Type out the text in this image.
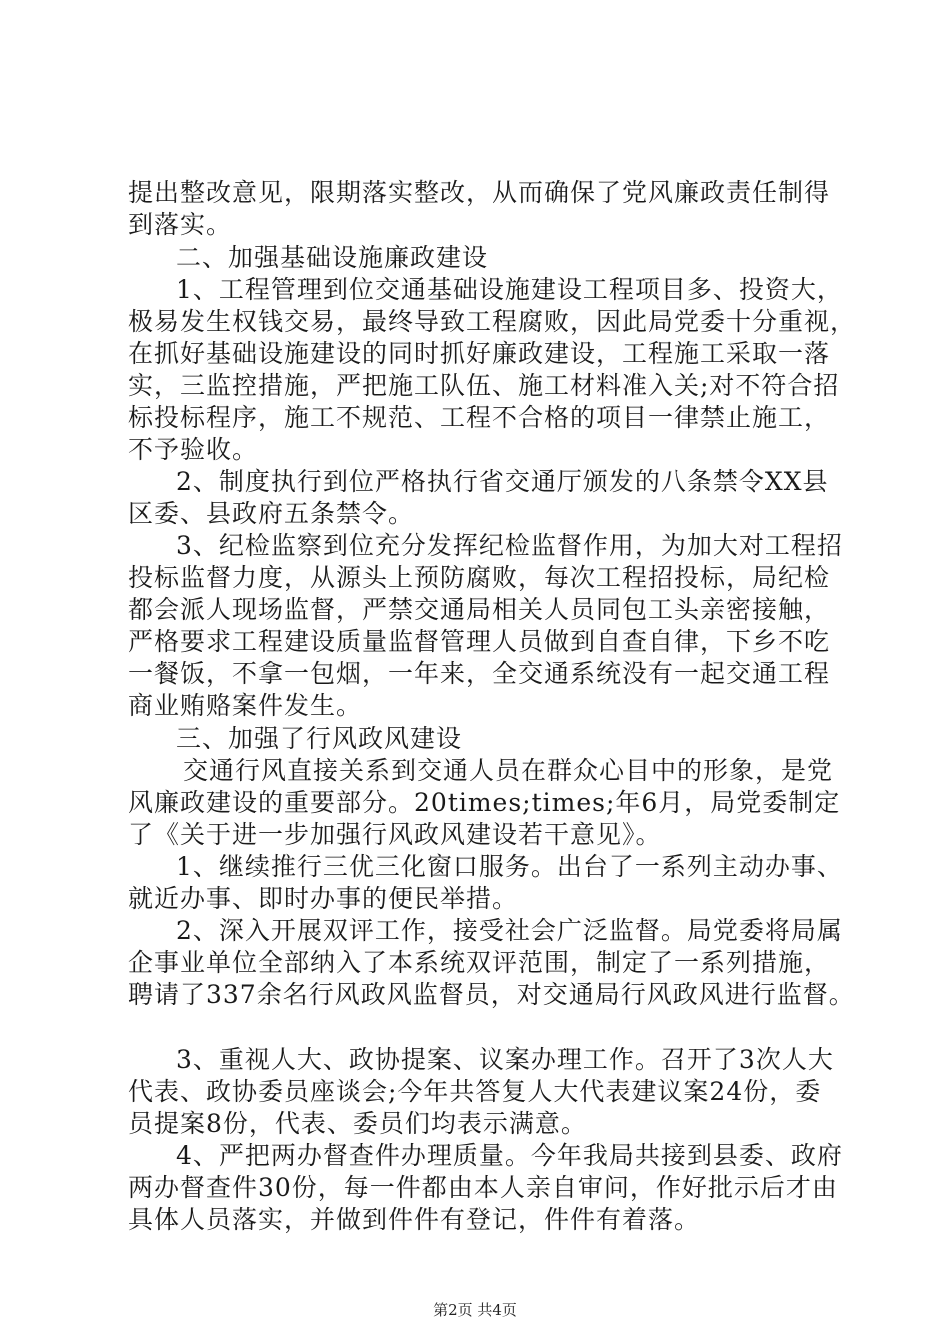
提出整改意见，限期落实整改，从而确保了党风廉政责任制得
到落实。
二、加强基础设施廉政建设
1、工程管理到位交通基础设施建设工程项目多、投资大，
极易发生权钱交易，最终导致工程腐败，因此局党委十分重视，
在抓好基础设施建设的同时抓好廉政建设，工程施工采取一落
实，三监控措施，严把施工队伍、施工材料准入关;对不符合招
标投标程序，施工不规范、工程不合格的项目一律禁止施工，
不予验收。
2、制度执行到位严格执行省交通厅颁发的八条禁令XX县
区委、县政府五条禁令。
3、纪检监察到位充分发挥纪检监督作用，为加大对工程招
投标监督力度，从源头上预防腐败，每次工程招投标，局纪检
都会派人现场监督，严禁交通局相关人员同包工头亲密接触，
严格要求工程建设质量监督管理人员做到自查自律，下乡不吃
一餐饭，不拿一包烟，一年来，全交通系统没有一起交通工程
商业贿赂案件发生。
三、加强了行风政风建设
交通行风直接关系到交通人员在群众心目中的形象，是党
风廉政建设的重要部分。20times;times;年6月，局党委制定
了《关于进一步加强行风政风建设若干意见》。
1、继续推行三优三化窗口服务。出台了一系列主动办事、
就近办事、即时办事的便民举措。
2、深入开展双评工作，接受社会广泛监督。局党委将局属
企事业单位全部纳入了本系统双评范围，制定了一系列措施，
聘请了337余名行风政风监督员，对交通局行风政风进行监督。
3、重视人大、政协提案、议案办理工作。召开了3次人大
代表、政协委员座谈会;今年共答复人大代表建议案24份，委
员提案8份，代表、委员们均表示满意。
4、严把两办督查件办理质量。今年我局共接到县委、政府
两办督查件30份，每一件都由本人亲自审问，作好批示后才由
具体人员落实，并做到件件有登记，件件有着落。
第2页 共4页
